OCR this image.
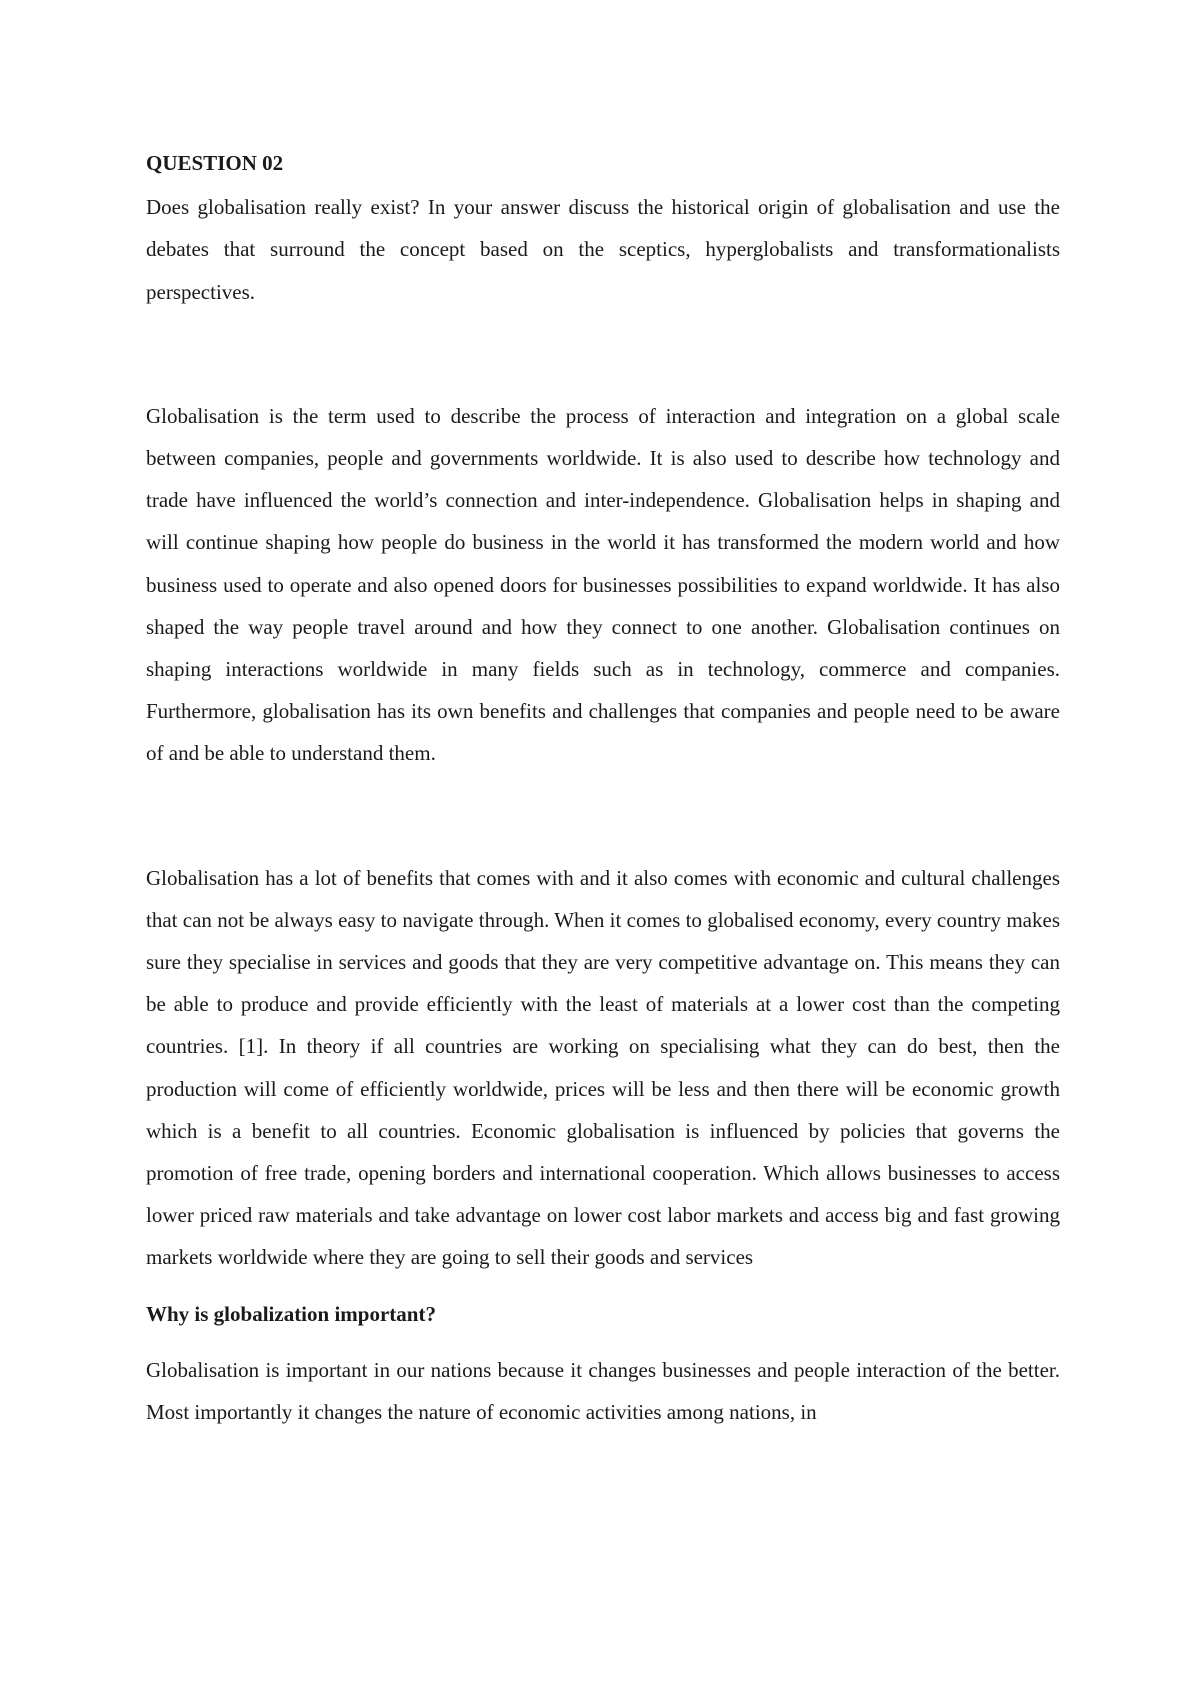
QUESTION 02

Does globalisation really exist? In your answer discuss the historical origin of globalisation and use the debates that surround the concept based on the sceptics, hyperglobalists and transformationalists perspectives.

Globalisation is the term used to describe the process of interaction and integration on a global scale between companies, people and governments worldwide. It is also used to describe how technology and trade have influenced the world’s connection and inter-independence. Globalisation helps in shaping and will continue shaping how people do business in the world it has transformed the modern world and how business used to operate and also opened doors for businesses possibilities to expand worldwide. It has also shaped the way people travel around and how they connect to one another. Globalisation continues on shaping interactions worldwide in many fields such as in technology, commerce and companies. Furthermore, globalisation has its own benefits and challenges that companies and people need to be aware of and be able to understand them.

Globalisation has a lot of benefits that comes with and it also comes with economic and cultural challenges that can not be always easy to navigate through. When it comes to globalised economy, every country makes sure they specialise in services and goods that they are very competitive advantage on. This means they can be able to produce and provide efficiently with the least of materials at a lower cost than the competing countries. [1]. In theory if all countries are working on specialising what they can do best, then the production will come of efficiently worldwide, prices will be less and then there will be economic growth which is a benefit to all countries. Economic globalisation is influenced by policies that governs the promotion of free trade, opening borders and international cooperation. Which allows businesses to access lower priced raw materials and take advantage on lower cost labor markets and access big and fast growing markets worldwide where they are going to sell their goods and services

Why is globalization important?

Globalisation is important in our nations because it changes businesses and people interaction of the better. Most importantly it changes the nature of economic activities among nations, in
